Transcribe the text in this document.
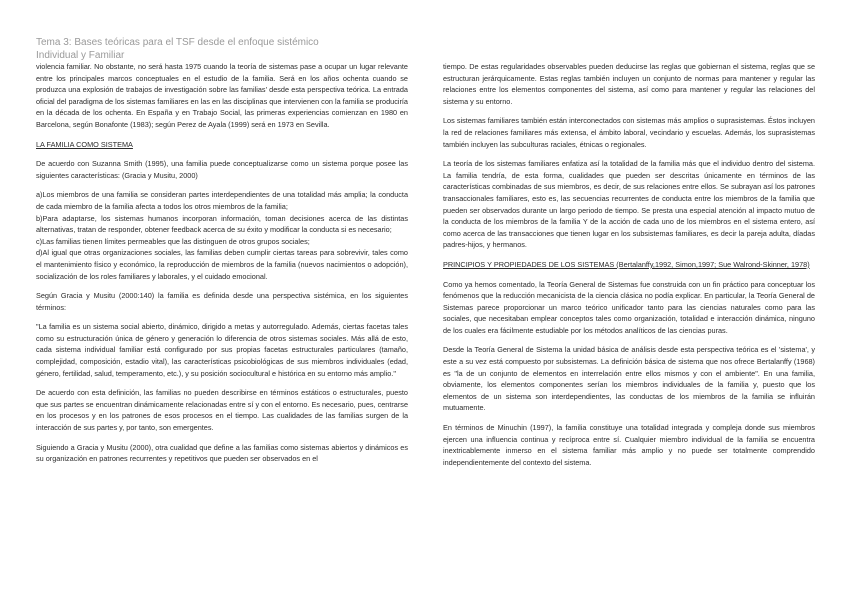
Tema 3: Bases teóricas para el TSF desde el enfoque sistémico
Individual y Familiar

violencia familiar. No obstante, no será hasta 1975 cuando la teoría de sistemas pase a ocupar un lugar relevante entre los principales marcos conceptuales en el estudio de la familia. Será en los años ochenta cuando se produzca una explosión de trabajos de investigación sobre las familias' desde esta perspectiva teórica. La entrada oficial del paradigma de los sistemas familiares en las en las disciplinas que intervienen con la familia se produciría en la década de los ochenta. En España y en Trabajo Social, las primeras experiencias comienzan en 1980 en Barcelona, según Bonafonte (1983); según Perez de Ayala (1999) será en 1973 en Sevilla.

LA FAMILIA COMO SISTEMA

De acuerdo con Suzanna Smith (1995), una familia puede conceptualizarse como un sistema porque posee las siguientes características: (Gracia y Musitu, 2000)

a)Los miembros de una familia se consideran partes interdependientes de una totalidad más amplia; la conducta de cada miembro de la familia afecta a todos los otros miembros de la familia;

b)Para adaptarse, los sistemas humanos incorporan información, toman decisiones acerca de las distintas alternativas, tratan de responder, obtener feedback acerca de su éxito y modificar la conducta si es necesario;

c)Las familias tienen límites permeables que las distinguen de otros grupos sociales;

d)Al igual que otras organizaciones sociales, las familias deben cumplir ciertas tareas para sobrevivir, tales como el mantenimiento físico y económico, la reproducción de miembros de la familia (nuevos nacimientos o adopción), socialización de los roles familiares y laborales, y el cuidado emocional.

Según Gracia y Musitu (2000:140) la familia es definida desde una perspectiva sistémica, en los siguientes términos:

"La familia es un sistema social abierto, dinámico, dirigido a metas y autorregulado. Además, ciertas facetas tales como su estructuración única de género y generación lo diferencia de otros sistemas sociales. Más allá de esto, cada sistema individual familiar está configurado por sus propias facetas estructurales particulares (tamaño, complejidad, composición, estadio vital), las características psicobiológicas de sus miembros individuales (edad, género, fertilidad, salud, temperamento, etc.), y su posición sociocultural e histórica en su entorno más amplio."

De acuerdo con esta definición, las familias no pueden describirse en términos estáticos o estructurales, puesto que sus partes se encuentran dinámicamente relacionadas entre sí y con el entorno. Es necesario, pues, centrarse en los procesos y en los patrones de esos procesos en el tiempo. Las cualidades de las familias surgen de la interacción de sus partes y, por tanto, son emergentes.

Siguiendo a Gracia y Musitu (2000), otra cualidad que define a las familias como sistemas abiertos y dinámicos es su organización en patrones recurrentes y repetitivos que pueden ser observados en el

tiempo. De estas regularidades observables pueden deducirse las reglas que gobiernan el sistema, reglas que se estructuran jerárquicamente. Estas reglas también incluyen un conjunto de normas para mantener y regular las relaciones entre los elementos componentes del sistema, así como para mantener y regular las relaciones del sistema y su entorno.

Los sistemas familiares también están interconectados con sistemas más amplios o suprasistemas. Éstos incluyen la red de relaciones familiares más extensa, el ámbito laboral, vecindario y escuelas. Además, los suprasistemas también incluyen las subculturas raciales, étnicas o regionales.

La teoría de los sistemas familiares enfatiza así la totalidad de la familia más que el individuo dentro del sistema. La familia tendría, de esta forma, cualidades que pueden ser descritas únicamente en términos de las características combinadas de sus miembros, es decir, de sus relaciones entre ellos. Se subrayan así los patrones transaccionales familiares, esto es, las secuencias recurrentes de conducta entre los miembros de la familia que pueden ser observados durante un largo periodo de tiempo. Se presta una especial atención al impacto mutuo de la conducta de los miembros de la familia Y de la acción de cada uno de los miembros en el sistema entero, así como acerca de las transacciones que tienen lugar en los subsistemas familiares, es decir la pareja adulta, díadas padres-hijos, y hermanos.

PRINCIPIOS Y PROPIEDADES DE LOS SISTEMAS (Bertalanffy,1992, Simon,1997; Sue Walrond-Skinner, 1978)

Como ya hemos comentado, la Teoría General de Sistemas fue construida con un fin práctico para conceptuar los fenómenos que la reducción mecanicista de la ciencia clásica no podía explicar. En particular, la Teoría General de Sistemas parece proporcionar un marco teórico unificador tanto para las ciencias naturales como para las sociales, que necesitaban emplear conceptos tales como organización, totalidad e interacción dinámica, ninguno de los cuales era fácilmente estudiable por los métodos analíticos de las ciencias puras.

Desde la Teoría General de Sistema la unidad básica de análisis desde esta perspectiva teórica es el 'sistema', y este a su vez está compuesto por subsistemas. La definición básica de sistema que nos ofrece Bertalanffy (1968) es "la de un conjunto de elementos en interrelación entre ellos mismos y con el ambiente". En una familia, obviamente, los elementos componentes serían los miembros individuales de la familia y, puesto que los elementos de un sistema son interdependientes, las conductas de los miembros de la familia se influirán mutuamente.

En términos de Minuchin (1997), la familia constituye una totalidad integrada y compleja donde sus miembros ejercen una influencia continua y recíproca entre sí. Cualquier miembro individual de la familia se encuentra inextricablemente inmerso en el sistema familiar más amplio y no puede ser totalmente comprendido independientemente del contexto del sistema.
